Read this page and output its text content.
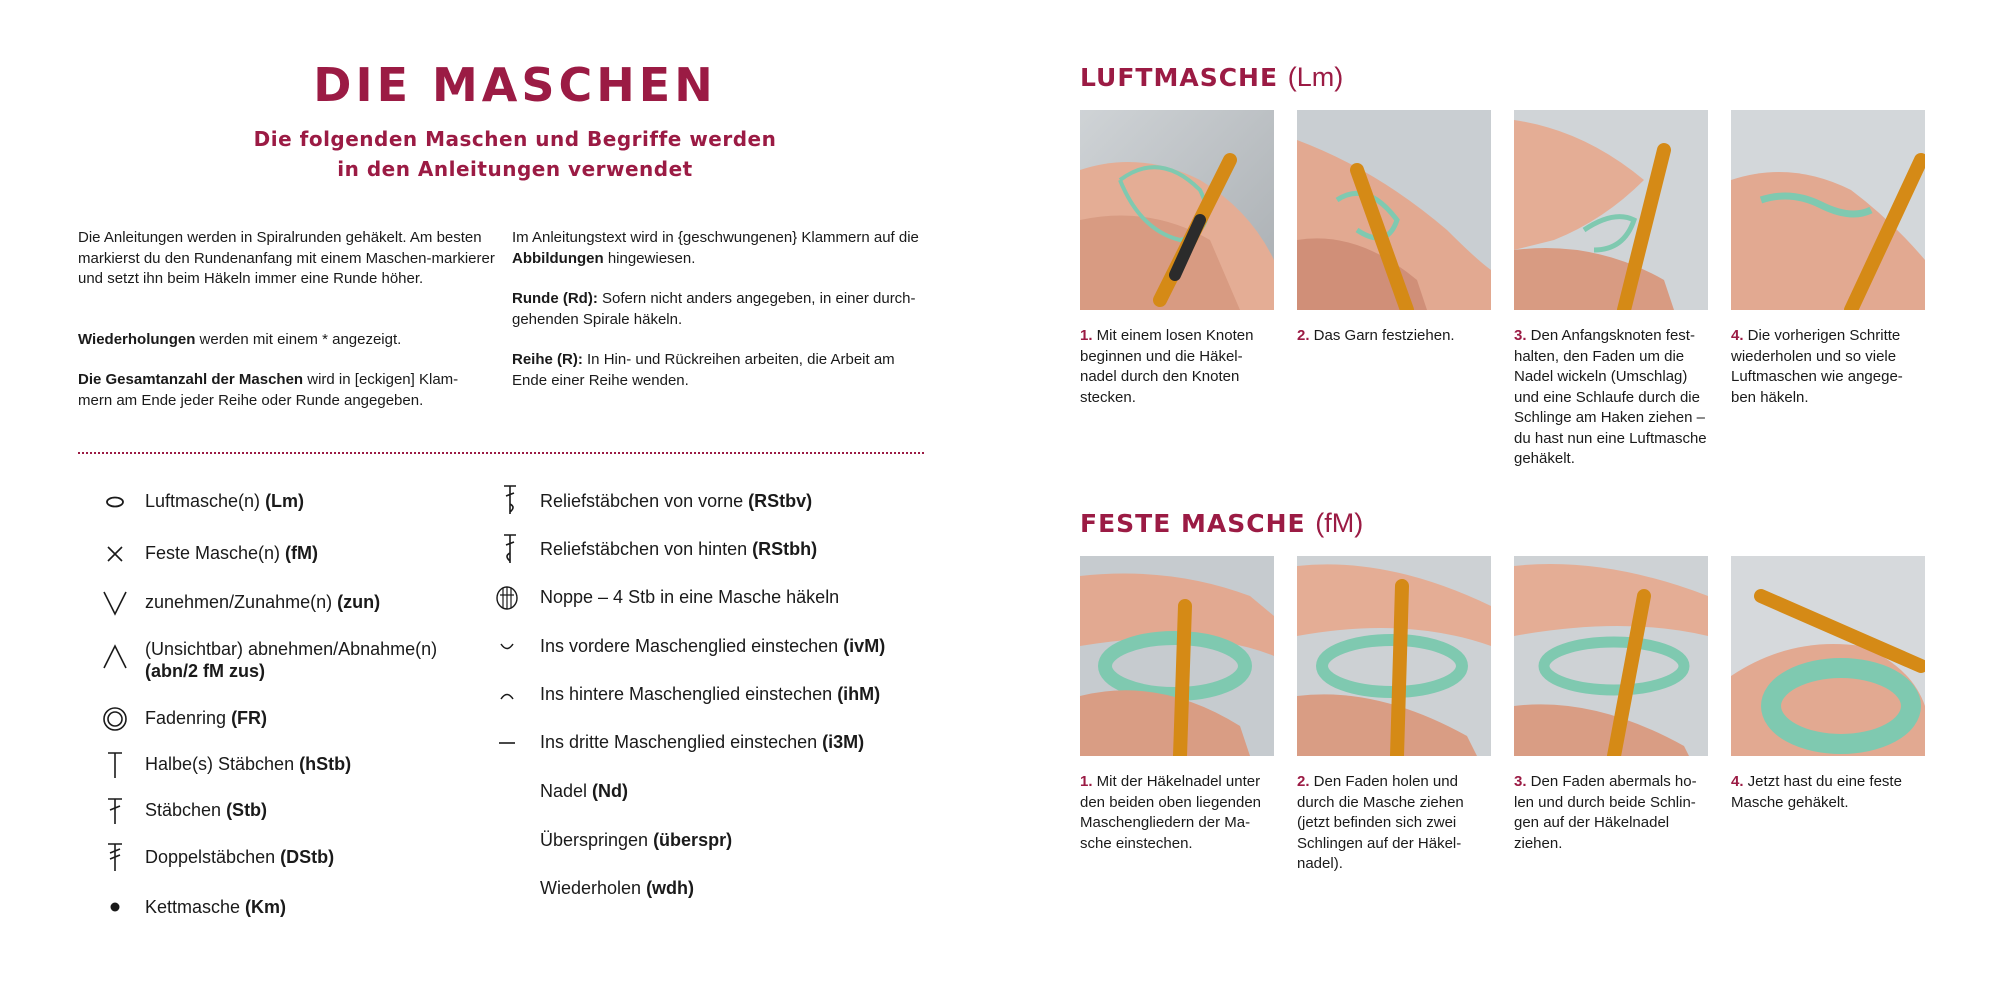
DIE MASCHEN
Die folgenden Maschen und Begriffe werden
in den Anleitungen verwendet

Die Anleitungen werden in Spiralrunden gehäkelt. Am besten markierst du den Rundenanfang mit einem Maschen-markierer und setzt ihn beim Häkeln immer eine Runde höher.

Wiederholungen werden mit einem * angezeigt.

Die Gesamtanzahl der Maschen wird in [eckigen] Klam-mern am Ende jeder Reihe oder Runde angegeben.

Im Anleitungstext wird in {geschwungenen} Klammern auf die Abbildungen hingewiesen.

Runde (Rd): Sofern nicht anders angegeben, in einer durch-gehenden Spirale häkeln.

Reihe (R): In Hin- und Rückreihen arbeiten, die Arbeit am Ende einer Reihe wenden.

Luftmasche(n) (Lm)
Feste Masche(n) (fM)
zunehmen/Zunahme(n) (zun)
(Unsichtbar) abnehmen/Abnahme(n)
(abn/2 fM zus)
Fadenring (FR)
Halbe(s) Stäbchen (hStb)
Stäbchen (Stb)
Doppelstäbchen (DStb)
Kettmasche (Km)
Reliefstäbchen von vorne (RStbv)
Reliefstäbchen von hinten (RStbh)
Noppe – 4 Stb in eine Masche häkeln
Ins vordere Maschenglied einstechen (ivM)
Ins hintere Maschenglied einstechen (ihM)
Ins dritte Maschenglied einstechen (i3M)
Nadel (Nd)
Überspringen (überspr)
Wiederholen (wdh)
LUFTMASCHE (Lm)
1. Mit einem losen Knoten beginnen und die Häkel-nadel durch den Knoten stecken.
2. Das Garn festziehen.	3. Den Anfangsknoten fest-halten, den Faden um die Nadel wickeln (Umschlag) und eine Schlaufe durch die Schlinge am Haken ziehen – du hast nun eine Luftmasche gehäkelt.
4. Die vorherigen Schritte wiederholen und so viele Luftmaschen wie angege-ben häkeln.
FESTE MASCHE (fM)
1. Mit der Häkelnadel unter den beiden oben liegenden Maschengliedern der Ma-sche einstechen.
2. Den Faden holen und durch die Masche ziehen (jetzt befinden sich zwei Schlingen auf der Häkel-nadel).
3. Den Faden abermals ho-len und durch beide Schlin-gen auf der Häkelnadel ziehen.
4. Jetzt hast du eine feste Masche gehäkelt.
